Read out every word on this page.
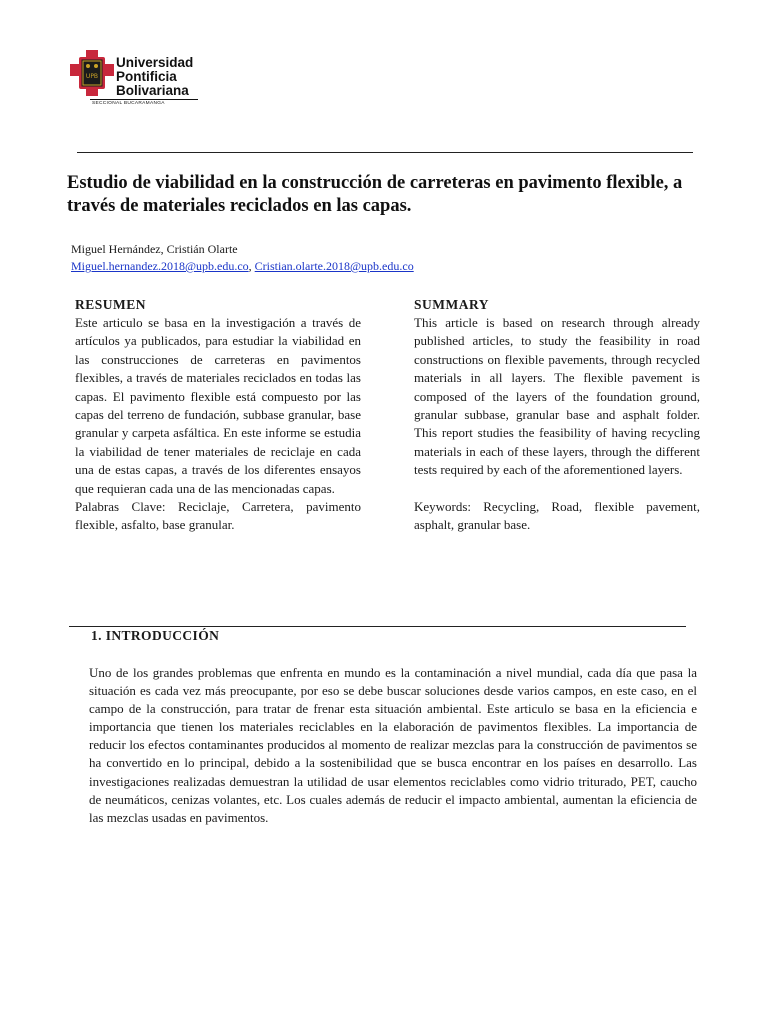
UPB
Universidad
Pontificia
Bolivariana
SECCIONAL BUCARAMANGA
Estudio de viabilidad en la construcción de carreteras en pavimento flexible, a través de materiales reciclados en las capas.
Miguel Hernández, Cristián Olarte
Miguel.hernandez.2018@upb.edu.co, Cristian.olarte.2018@upb.edu.co
RESUMEN

Este articulo se basa en la investigación a través de artículos ya publicados, para estudiar la viabilidad en las construcciones de carreteras en pavimentos flexibles, a través de materiales reciclados en todas las capas. El pavimento flexible está compuesto por las capas del terreno de fundación, subbase granular, base granular y carpeta asfáltica. En este informe se estudia la viabilidad de tener materiales de reciclaje en cada una de estas capas, a través de los diferentes ensayos que requieran cada una de las mencionadas capas.

Palabras Clave: Reciclaje, Carretera, pavimento flexible, asfalto, base granular.

SUMMARY

This article is based on research through already published articles, to study the feasibility in road constructions on flexible pavements, through recycled materials in all layers. The flexible pavement is composed of the layers of the foundation ground, granular subbase, granular base and asphalt folder. This report studies the feasibility of having recycling materials in each of these layers, through the different tests required by each of the aforementioned layers.

Keywords: Recycling, Road, flexible pavement, asphalt, granular base.

1. INTRODUCCIÓN

Uno de los grandes problemas que enfrenta en mundo es la contaminación a nivel mundial, cada día que pasa la situación es cada vez más preocupante, por eso se debe buscar soluciones desde varios campos, en este caso, en el campo de la construcción, para tratar de frenar esta situación ambiental. Este articulo se basa en la eficiencia e importancia que tienen los materiales reciclables en la elaboración de pavimentos flexibles. La importancia de reducir los efectos contaminantes producidos al momento de realizar mezclas para la construcción de pavimentos se ha convertido en lo principal, debido a la sostenibilidad que se busca encontrar en los países en desarrollo. Las investigaciones realizadas demuestran la utilidad de usar elementos reciclables como vidrio triturado, PET, caucho de neumáticos, cenizas volantes, etc. Los cuales además de reducir el impacto ambiental, aumentan la eficiencia de las mezclas usadas en pavimentos.
